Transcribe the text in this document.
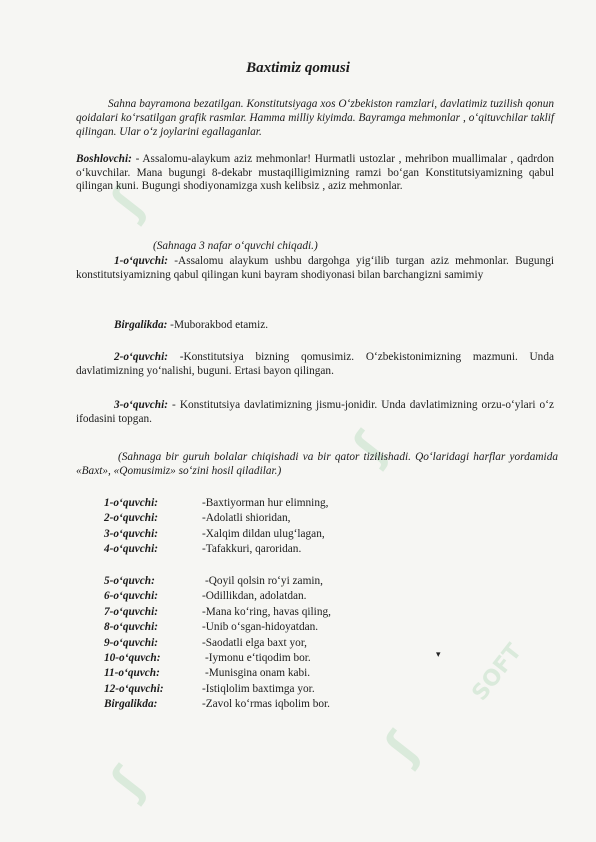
ʃ
ʃ
ʃ
SOFT
ʃ
Baxtimiz qomusi
Sahna bayramona bezatilgan. Konstitutsiyaga xos O‘zbekiston ramzlari, davlatimiz tuzilish qonun qoidalari ko‘rsatilgan grafik rasmlar. Hamma milliy kiyimda. Bayramga mehmonlar , o‘qituvchilar taklif qilingan. Ular o‘z joylarini egallaganlar.
Boshlovchi: - Assalomu-alaykum aziz mehmonlar! Hurmatli ustozlar , mehribon muallimalar , qadrdon o‘kuvchilar. Mana bugungi 8-dekabr mustaqilligimizning ramzi bo‘gan Konstitutsiyamizning qabul qilingan kuni. Bugungi shodiyonamizga xush kelibsiz , aziz mehmonlar.
(Sahnaga 3 nafar o‘quvchi chiqadi.)
1-o‘quvchi: -Assalomu alaykum ushbu dargohga yig‘ilib turgan aziz mehmonlar. Bugungi konstitutsiyamizning qabul qilingan kuni bayram shodiyonasi bilan barchangizni samimiy
Birgalikda: -Muborakbod etamiz.
2-o‘quvchi: -Konstitutsiya bizning qomusimiz. O‘zbekistonimizning mazmuni. Unda davlatimizning yo‘nalishi, buguni. Ertasi bayon qilingan.
3-o‘quvchi: - Konstitutsiya davlatimizning jismu-jonidir. Unda davlatimizning orzu-o‘ylari o‘z ifodasini topgan.
(Sahnaga bir guruh bolalar chiqishadi va bir qator tizilishadi. Qo‘laridagi harflar yordamida «Baxt», «Qomusimiz» so‘zini hosil qiladilar.)
1-o‘quvchi:	-Baxtiyorman hur elimning,
2-o‘quvchi:	-Adolatli shioridan,
3-o‘quvchi:	-Xalqim dildan ulug‘lagan,
4-o‘quvchi:	-Tafakkuri, qaroridan.
5-o‘quvch:	-Qoyil qolsin ro‘yi zamin,
6-o‘quvchi:	-Odillikdan, adolatdan.
7-o‘quvchi:	-Mana ko‘ring, havas qiling,
8-o‘quvchi:	-Unib o‘sgan-hidoyatdan.
9-o‘quvchi:	-Saodatli elga baxt yor,
10-o‘quvch:	-Iymonu e‘tiqodim bor.
11-o‘quvch:	-Munisgina onam kabi.
12-o‘quvchi:	-Istiqlolim baxtimga yor.
Birgalikda:	-Zavol ko‘rmas iqbolim bor.
▾
